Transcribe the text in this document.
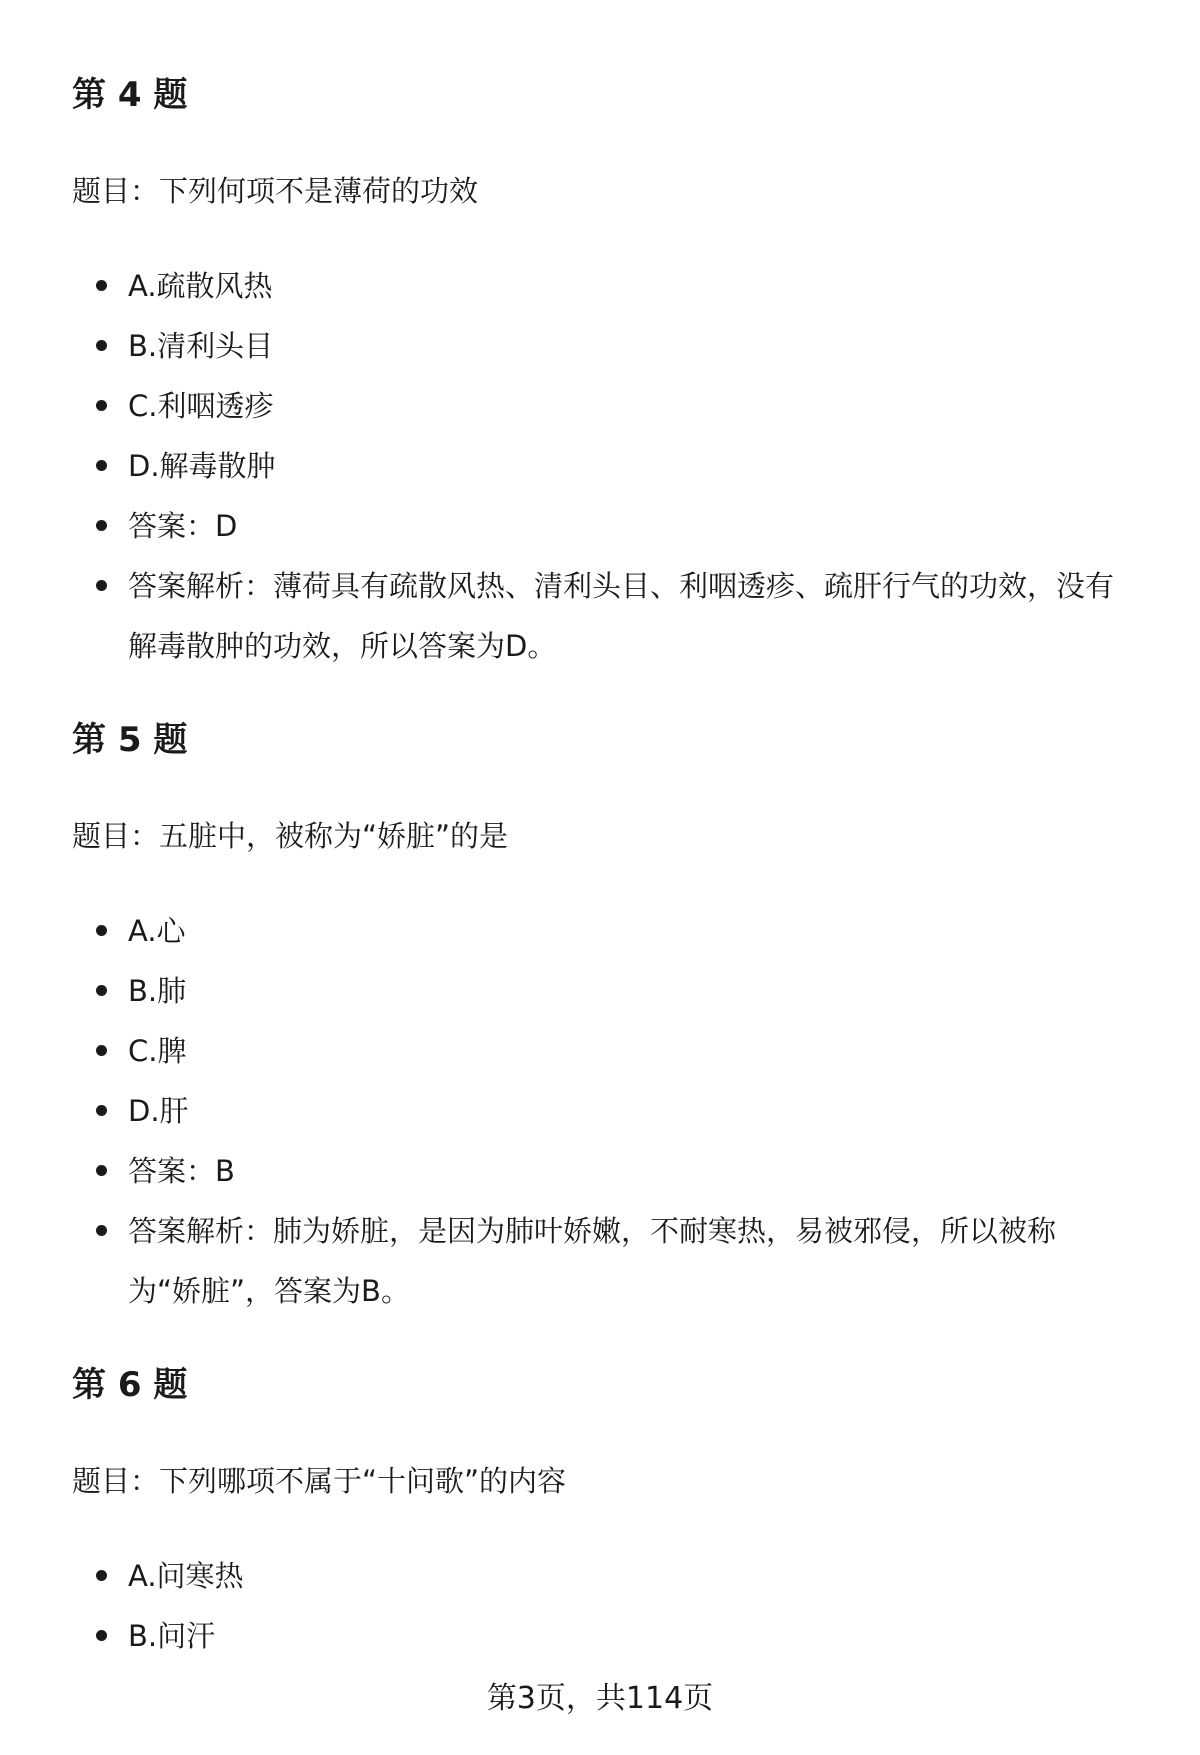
第 4 题
题目：下列何项不是薄荷的功效
A.疏散风热
B.清利头目
C.利咽透疹
D.解毒散肿
答案：D
答案解析：薄荷具有疏散风热、清利头目、利咽透疹、疏肝行气的功效，没有
解毒散肿的功效，所以答案为D。
第 5 题
题目：五脏中，被称为“娇脏”的是
A.心
B.肺
C.脾
D.肝
答案：B
答案解析：肺为娇脏，是因为肺叶娇嫩，不耐寒热，易被邪侵，所以被称
为“娇脏”，答案为B。
第 6 题
题目：下列哪项不属于“十问歌”的内容
A.问寒热
B.问汗
第3页，共114页
